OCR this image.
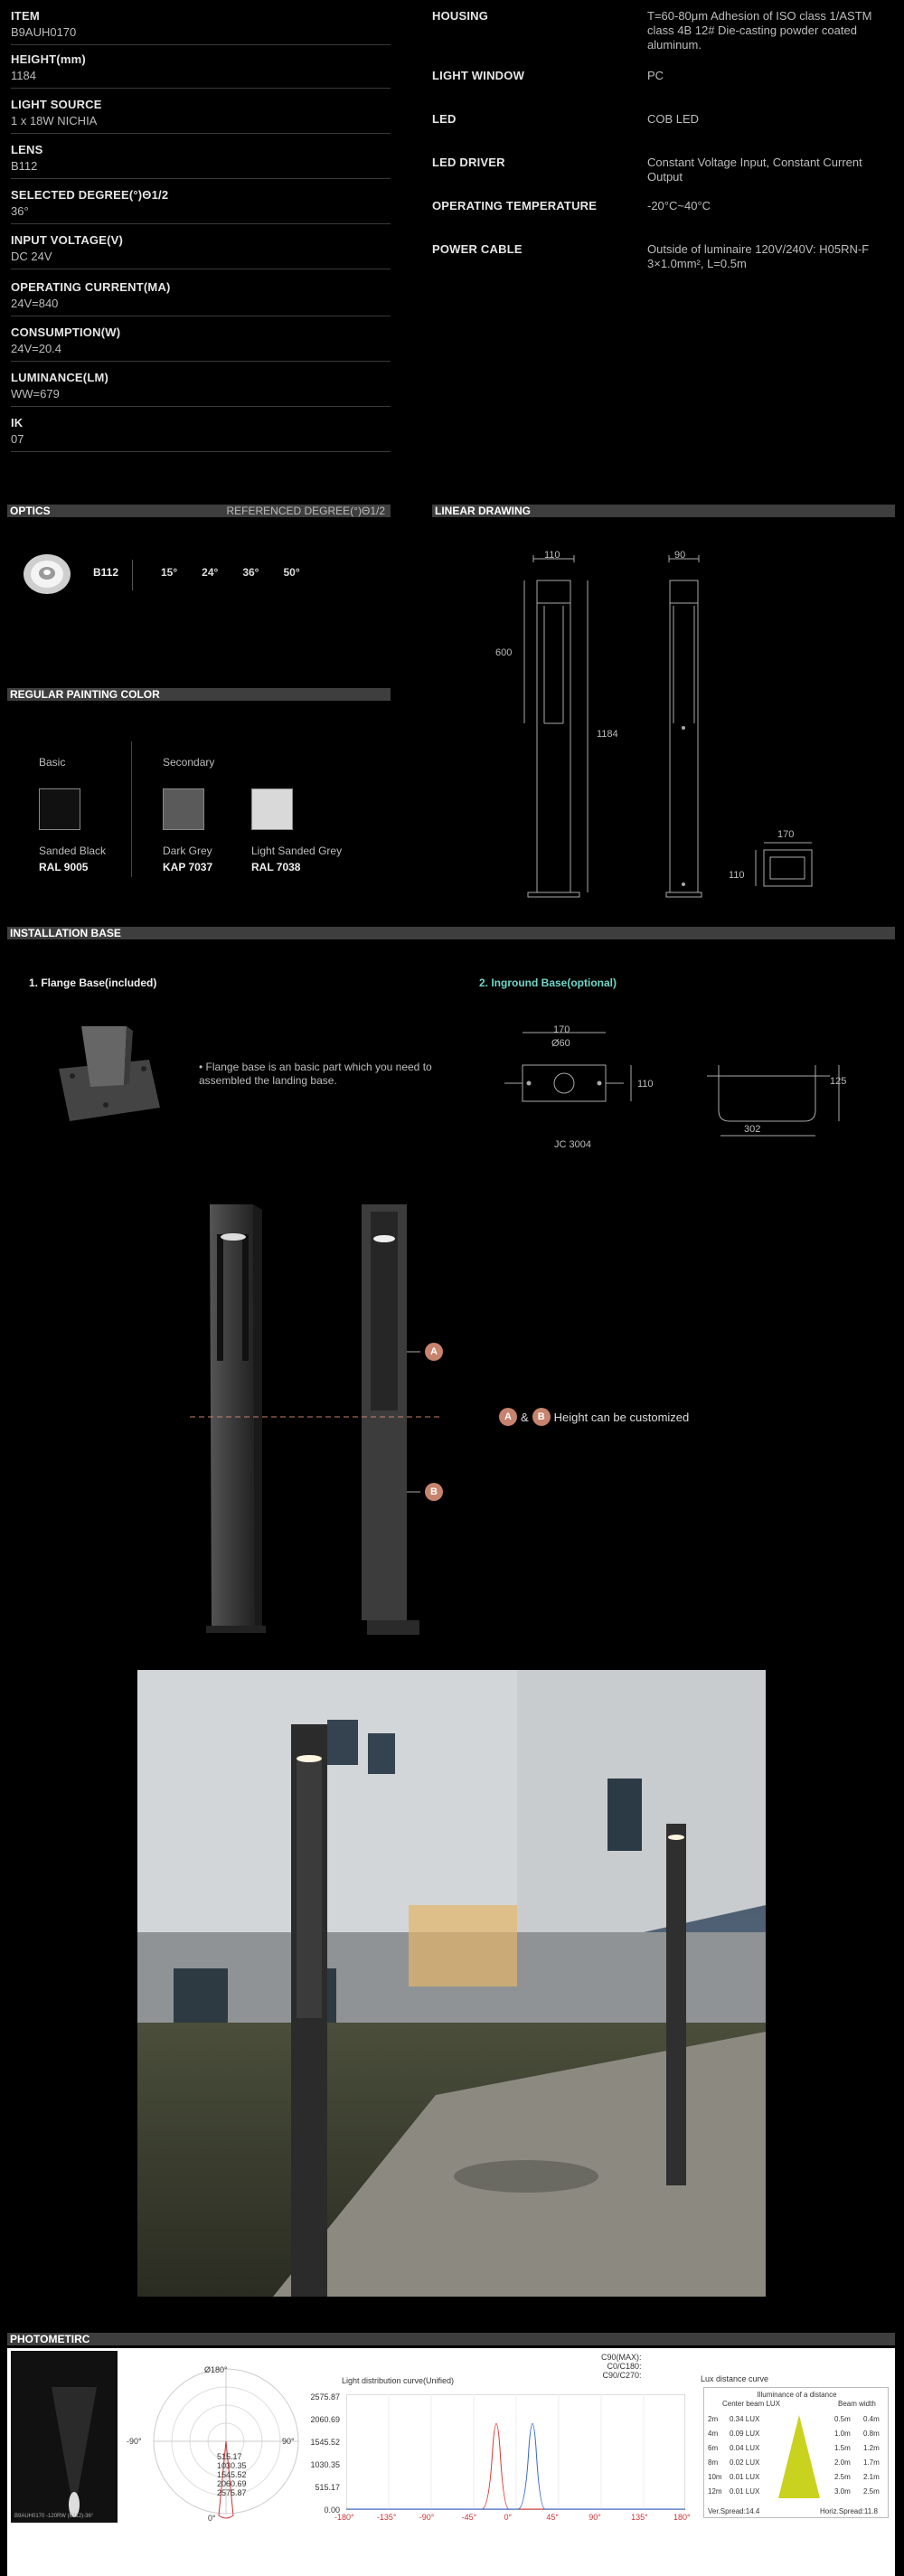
ITEM
B9AUH0170
HEIGHT(mm)
1184
LIGHT SOURCE
1 x 18W NICHIA
LENS
B112
SELECTED DEGREE(°)Θ1/2
36°
INPUT VOLTAGE(V)
DC 24V
OPERATING CURRENT(MA)
24V=840
CONSUMPTION(W)
24V=20.4
LUMINANCE(LM)
WW=679
IK
07
HOUSING	T=60-80μm Adhesion of ISO class 1/ASTM class 4B 12# Die-casting powder coated aluminum.
LIGHT WINDOW	PC
LED	COB LED
LED DRIVER	Constant Voltage Input, Constant Current Output
OPERATING TEMPERATURE	-20°C~40°C
POWER CABLE	Outside of luminaire 120V/240V: H05RN-F 3×1.0mm², L=0.5m
OPTICS	REFERENCED DEGREE(°)Θ1/2
B112	15° 24° 36° 50°
LINEAR DRAWING
110	90
600
1184
170
110
REGULAR PAINTING COLOR
Basic	Secondary
Sanded Black
RAL 9005
Dark Grey
KAP 7037
Light Sanded Grey
RAL 7038
INSTALLATION BASE
1. Flange Base(included)	2. Inground Base(optional)
• Flange base is an basic part which you need to assembled the landing base.
170
Ø60
110	125
302
JC 3004
A
B
A & B Height can be customized
PHOTOMETIRC
B9AUH0170 -120RW (B112)-36°
Ø180°
-90°	90°
0°
515.17
1030.35
1545.52
2060.69
2575.87
Light distribution curve(Unified)
C90(MAX):
C0/C180:
C90/C270:
2575.87
2060.69
1545.52
1030.35
515.17
0.00
-180°	-135°	-90°	-45°	0°	45°	90°	135°	180°
Lux distance curve
Illuminance of a distance
Center beam LUX	Beam width
2m 0.34 LUX	0.5m 0.4m
4m 0.09 LUX	1.0m 0.8m
6m 0.04 LUX	1.5m 1.2m
8m 0.02 LUX	2.0m 1.7m
10m 0.01 LUX	2.5m 2.1m
12m 0.01 LUX	3.0m 2.5m
Ver.Spread:14.4	Horiz.Spread:11.8
